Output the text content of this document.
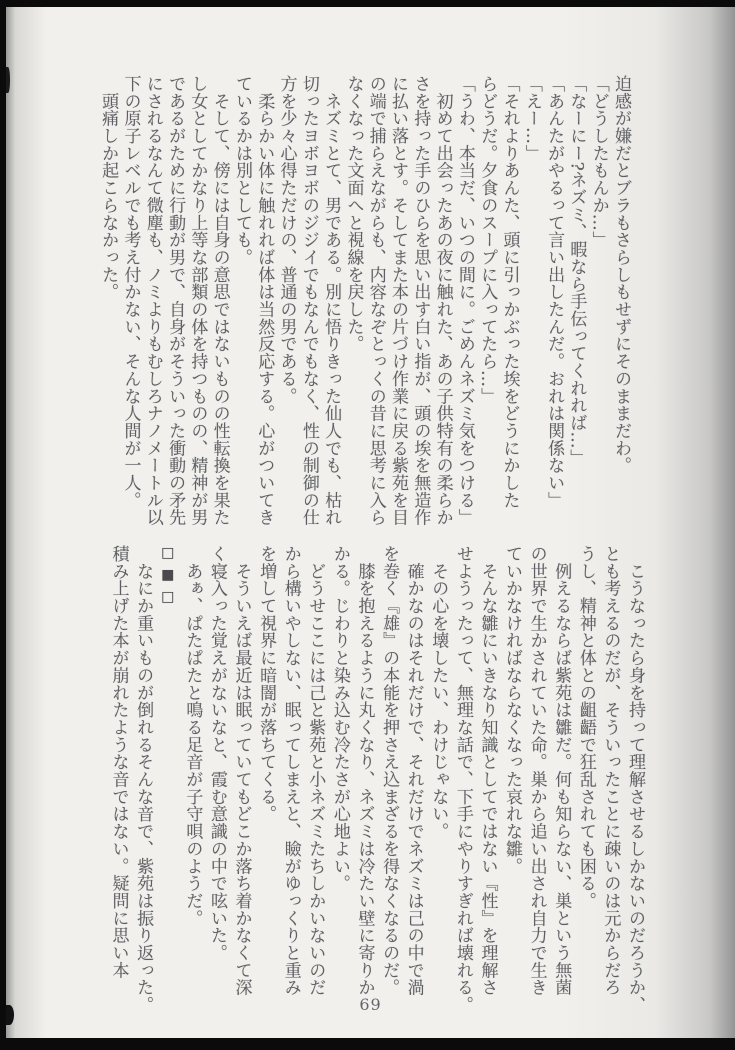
迫感が嫌だとブラもさらしもせずにそのままだわ。

「どうしたもんか…」

「なーにー?ネズミ、暇なら手伝ってくれれば…」

「あんたがやるって言い出したんだ。おれは関係ない」

「えー…」

「それよりあんた、頭に引っかぶった埃をどうにかした

らどうだ。夕食のスープに入ってたら…」

「うわ、本当だ、いつの間に。ごめんネズミ気をつける」

　初めて出会ったあの夜に触れた、あの子供特有の柔らか

さを持った手のひらを思い出す白い指が、頭の埃を無造作

に払い落とす。そしてまた本の片づけ作業に戻る紫苑を目

の端で捕らえながらも、内容なぞとっくの昔に思考に入ら

なくなった文面へと視線を戻した。

　ネズミとて、男である。別に悟りきった仙人でも、枯れ

切ったヨボヨボのジジイでもなんでもなく、性の制御の仕

方を少々心得ただけの、普通の男である。

　柔らかい体に触れれば体は当然反応する。心がついてき

ているかは別としても。

　そして、傍には自身の意思ではないものの性転換を果た

し女としてかなり上等な部類の体を持つものの、精神が男

であるがために行動が男で、自身がそういった衝動の矛先

にされるなんて微塵も、ノミよりもむしろナノメートル以

下の原子レベルでも考え付かない、そんな人間が一人。

　頭痛しか起こらなかった。

　こうなったら身を持って理解させるしかないのだろうか、

とも考えるのだが、そういったことに疎いのは元からだろ

うし、精神と体との齟齬で狂乱されても困る。

　例えるならば紫苑は雛だ。何も知らない、巣という無菌

の世界で生かされていた命。巣から追い出され自力で生き

ていかなければならなくなった哀れな雛。

　そんな雛にいきなり知識としてではない『性』を理解さ

せようったって、無理な話で、下手にやりすぎれば壊れる。

　その心を壊したい、わけじゃない。

　確かなのはそれだけで、それだけでネズミは己の中で渦

を巻く『雄』の本能を押さえ込まざるを得なくなるのだ。

　膝を抱えるように丸くなり、ネズミは冷たい壁に寄りか

かる。じわりと染み込む冷たさが心地よい。

　どうせここには己と紫苑と小ネズミたちしかいないのだ

から構いやしない、眠ってしまえと、瞼がゆっくりと重み

を増して視界に暗闇が落ちてくる。

　そういえば最近は眠っていてもどこか落ち着かなくて深

く寝入った覚えがないなと、霞む意識の中で呟いた。

　あぁ、ぱたぱたと鳴る足音が子守唄のようだ。

□■□

　なにか重いものが倒れるそんな音で、紫苑は振り返った。

積み上げた本が崩れたような音ではない。疑問に思い本

69
